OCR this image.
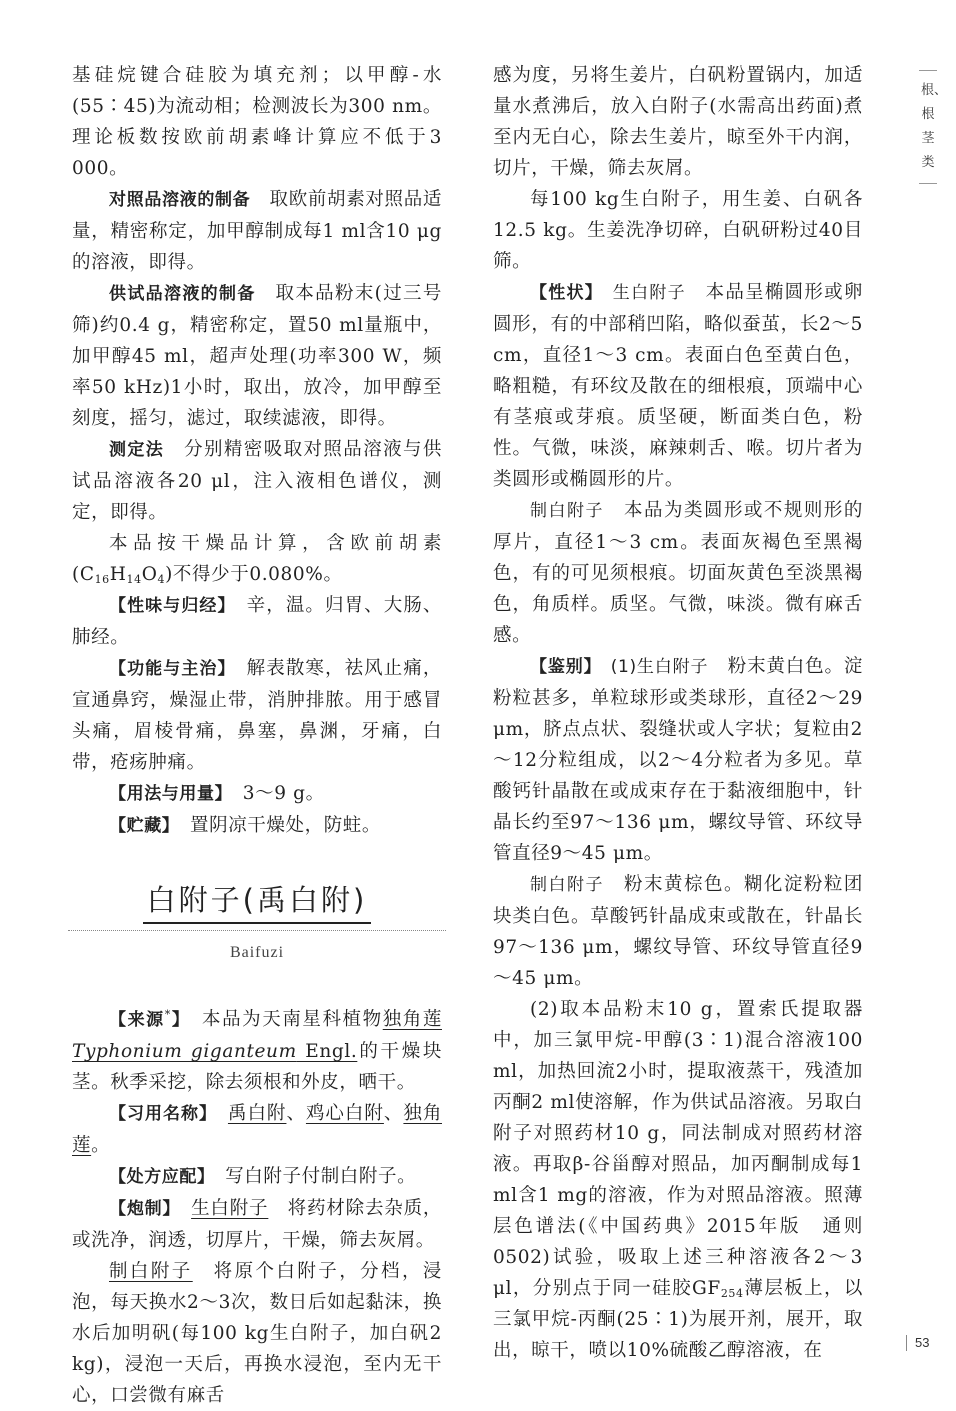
根、根茎类

基硅烷键合硅胶为填充剂；以甲醇-水(55∶45)为流动相；检测波长为300 nm。理论板数按欧前胡素峰计算应不低于3 000。

对照品溶液的制备　取欧前胡素对照品适量，精密称定，加甲醇制成每1 ml含10 μg的溶液，即得。

供试品溶液的制备　取本品粉末(过三号筛)约0.4 g，精密称定，置50 ml量瓶中，加甲醇45 ml，超声处理(功率300 W，频率50 kHz)1小时，取出，放冷，加甲醇至刻度，摇匀，滤过，取续滤液，即得。

测定法　分别精密吸取对照品溶液与供试品溶液各20 μl，注入液相色谱仪，测定，即得。

本品按干燥品计算，含欧前胡素$(C_{16}H_{14}O_4)$不得少于0.080%。

【性味与归经】　辛，温。归胃、大肠、肺经。

【功能与主治】　解表散寒，祛风止痛，宣通鼻窍，燥湿止带，消肿排脓。用于感冒头痛，眉棱骨痛，鼻塞，鼻渊，牙痛，白带，疮疡肿痛。

【用法与用量】　3～9 g。

【贮藏】　置阴凉干燥处，防蛀。

白附子(禹白附)
Baifuzi

【来源*】　本品为天南星科植物独角莲 Typhonium giganteum Engl.的干燥块茎。秋季采挖，除去须根和外皮，晒干。

【习用名称】　 禹白附、鸡心白附、独角莲。

【处方应配】　写白附子付制白附子。

【炮制】　 生白附子　将药材除去杂质，或洗净，润透，切厚片，干燥，筛去灰屑。

制白附子　将原个白附子，分档，浸泡，每天换水2～3次，数日后如起黏沫，换水后加明矾(每100 kg生白附子，加白矾2 kg)，浸泡一天后，再换水浸泡，至内无干心，口尝微有麻舌

感为度，另将生姜片，白矾粉置锅内，加适量水煮沸后，放入白附子(水需高出药面)煮至内无白心，除去生姜片，晾至外干内润，切片，干燥，筛去灰屑。

每100 kg生白附子，用生姜、白矾各12.5 kg。生姜洗净切碎，白矾研粉过40目筛。

【性状】　生白附子　本品呈椭圆形或卵圆形，有的中部稍凹陷，略似蚕茧，长2～5 cm，直径1～3 cm。表面白色至黄白色，略粗糙，有环纹及散在的细根痕，顶端中心有茎痕或芽痕。质坚硬，断面类白色，粉性。气微，味淡，麻辣刺舌、喉。切片者为类圆形或椭圆形的片。

制白附子　本品为类圆形或不规则形的厚片，直径1～3 cm。表面灰褐色至黑褐色，有的可见须根痕。切面灰黄色至淡黑褐色，角质样。质坚。气微，味淡。微有麻舌感。

【鉴别】　(1)生白附子　粉末黄白色。淀粉粒甚多，单粒球形或类球形，直径2～29 μm，脐点点状、裂缝状或人字状；复粒由2～12分粒组成，以2～4分粒者为多见。草酸钙针晶散在或成束存在于黏液细胞中，针晶长约至97～136 μm，螺纹导管、环纹导管直径9～45 μm。

制白附子　粉末黄棕色。糊化淀粉粒团块类白色。草酸钙针晶成束或散在，针晶长97～136 μm，螺纹导管、环纹导管直径9～45 μm。

(2)取本品粉末10 g，置索氏提取器中，加三氯甲烷-甲醇(3∶1)混合溶液100 ml，加热回流2小时，提取液蒸干，残渣加丙酮2 ml使溶解，作为供试品溶液。另取白附子对照药材10 g，同法制成对照药材溶液。再取β-谷甾醇对照品，加丙酮制成每1 ml含1 mg的溶液，作为对照品溶液。照薄层色谱法(《中国药典》2015年版　通则0502)试验，吸取上述三种溶液各2～3 μl，分别点于同一硅胶$GF_{254}$薄层板上，以三氯甲烷-丙酮(25∶1)为展开剂，展开，取出，晾干，喷以10%硫酸乙醇溶液，在	53
